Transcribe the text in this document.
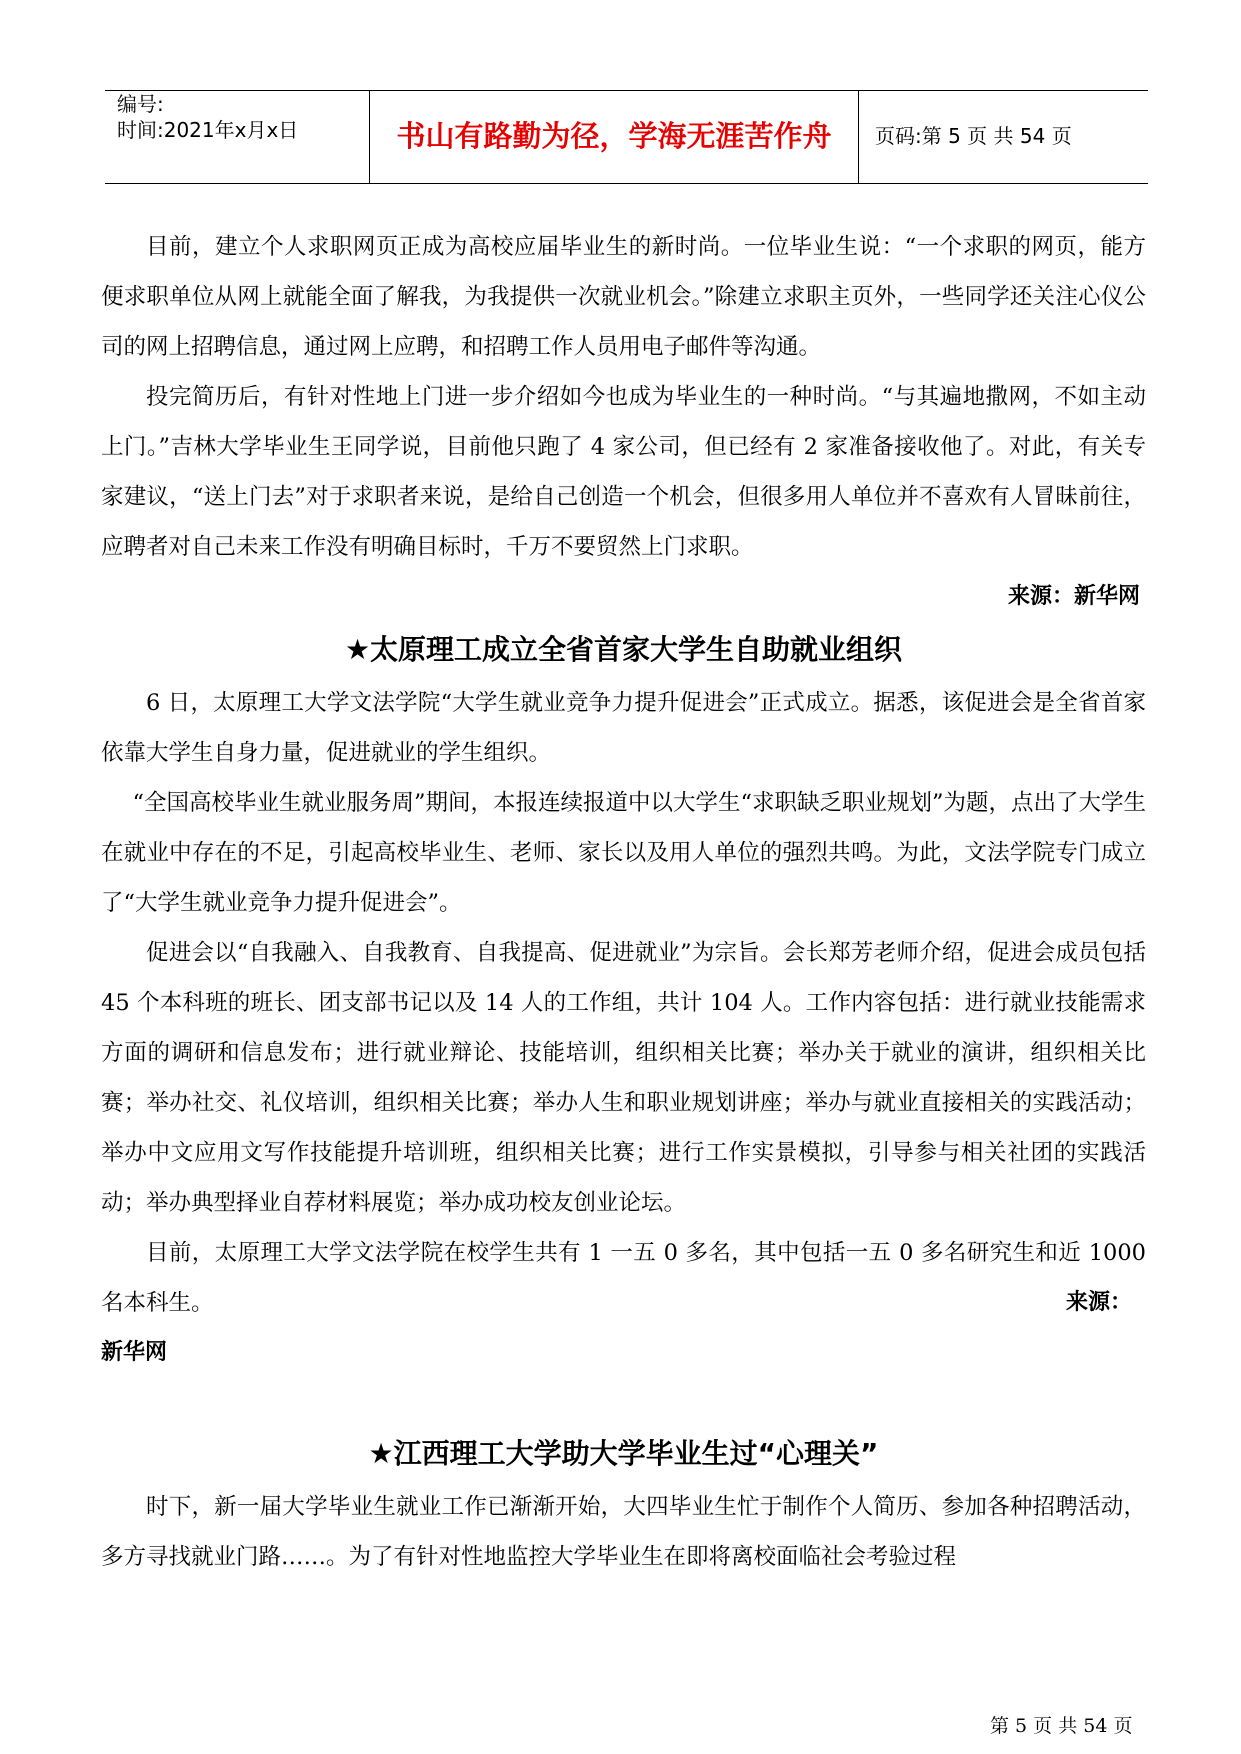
编号:
时间:2021年x月x日	书山有路勤为径，学海无涯苦作舟	页码:第 5 页 共 54 页

目前，建立个人求职网页正成为高校应届毕业生的新时尚。一位毕业生说：“一个求职的网页，能方便求职单位从网上就能全面了解我，为我提供一次就业机会。”除建立求职主页外，一些同学还关注心仪公司的网上招聘信息，通过网上应聘，和招聘工作人员用电子邮件等沟通。

投完简历后，有针对性地上门进一步介绍如今也成为毕业生的一种时尚。“与其遍地撒网，不如主动上门。”吉林大学毕业生王同学说，目前他只跑了 4 家公司，但已经有 2 家准备接收他了。对此，有关专家建议，“送上门去”对于求职者来说，是给自己创造一个机会，但很多用人单位并不喜欢有人冒昧前往，应聘者对自己未来工作没有明确目标时，千万不要贸然上门求职。

来源：新华网

★太原理工成立全省首家大学生自助就业组织

6 日，太原理工大学文法学院“大学生就业竞争力提升促进会”正式成立。据悉，该促进会是全省首家依靠大学生自身力量，促进就业的学生组织。

“全国高校毕业生就业服务周”期间，本报连续报道中以大学生“求职缺乏职业规划”为题，点出了大学生在就业中存在的不足，引起高校毕业生、老师、家长以及用人单位的强烈共鸣。为此，文法学院专门成立了“大学生就业竞争力提升促进会”。

促进会以“自我融入、自我教育、自我提高、促进就业”为宗旨。会长郑芳老师介绍，促进会成员包括 45 个本科班的班长、团支部书记以及 14 人的工作组，共计 104 人。工作内容包括：进行就业技能需求方面的调研和信息发布；进行就业辩论、技能培训，组织相关比赛；举办关于就业的演讲，组织相关比赛；举办社交、礼仪培训，组织相关比赛；举办人生和职业规划讲座；举办与就业直接相关的实践活动；举办中文应用文写作技能提升培训班，组织相关比赛；进行工作实景模拟，引导参与相关社团的实践活动；举办典型择业自荐材料展览；举办成功校友创业论坛。

目前，太原理工大学文法学院在校学生共有 1 一五 0 多名，其中包括一五 0 多名研究生和近 1000 名本科生。	来源：

新华网

★江西理工大学助大学毕业生过“心理关”

时下，新一届大学毕业生就业工作已渐渐开始，大四毕业生忙于制作个人简历、参加各种招聘活动，多方寻找就业门路……。为了有针对性地监控大学毕业生在即将离校面临社会考验过程

第 5 页 共 54 页
